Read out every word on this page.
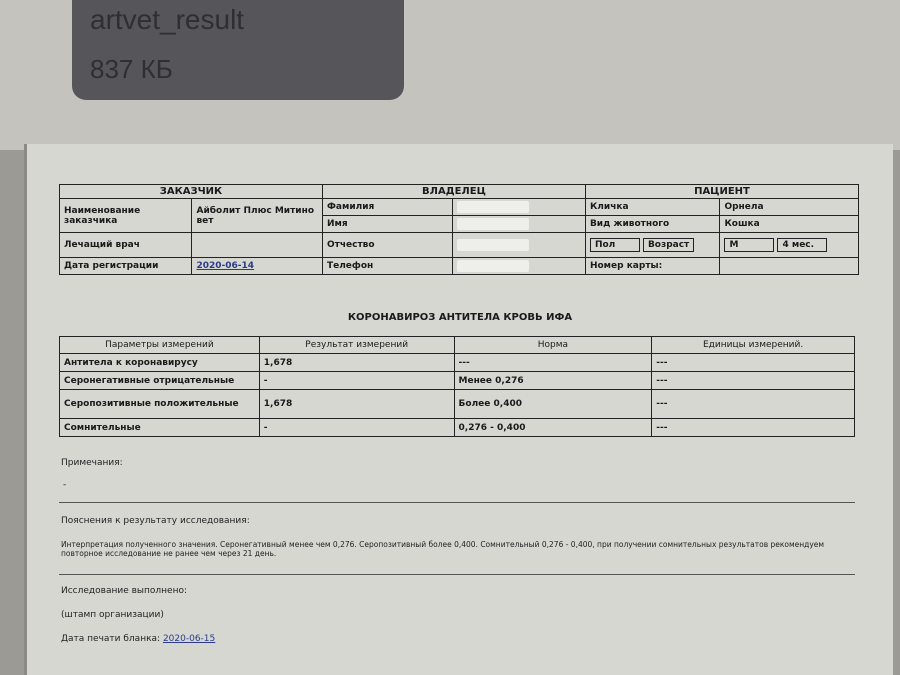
artvet_result
837 КБ
ЗАКАЗЧИК		ВЛАДЕЛЕЦ		ПАЦИЕНТ	
Наименование заказчика	Айболит Плюс Митино вет	Фамилия		Кличка	Орнела
		Имя		Вид животного	Кошка
Лечащий врач		Отчество		Пол Возраст	М 4 мес.
Дата регистрации	2020-06-14	Телефон		Номер карты:	
КОРОНАВИРОЗ АНТИТЕЛА КРОВЬ ИФА
Параметры измерений	Результат измерений	Норма	Единицы измерений.
Антитела к коронавирусу	1,678	---	---
Серонегативные отрицательные	-	Менее 0,276	---
Серопозитивные положительные	1,678	Более 0,400	---
Сомнительные	-	0,276 - 0,400	---
Примечания:
-
Пояснения к результату исследования:
Интерпретация полученного значения. Серонегативный менее чем 0,276. Серопозитивный более 0,400. Сомнительный 0,276 - 0,400, при получении сомнительных результатов рекомендуем повторное исследование не ранее чем через 21 день.
Исследование выполнено:
(штамп организации)
Дата печати бланка: 2020-06-15
